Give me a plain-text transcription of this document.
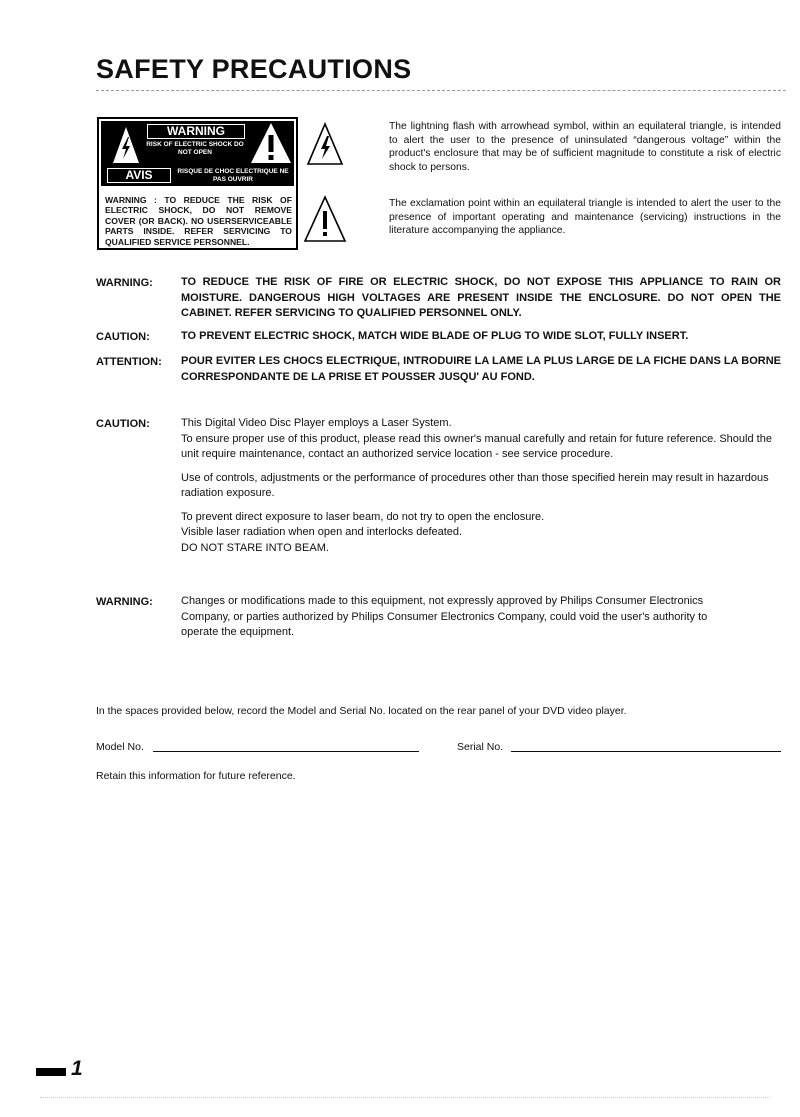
SAFETY PRECAUTIONS
WARNING
RISK OF ELECTRIC SHOCK DO NOT OPEN
AVIS	RISQUE DE CHOC ELECTRIQUE NE PAS OUVRIR
WARNING : TO REDUCE THE RISK OF ELECTRIC SHOCK, DO NOT REMOVE COVER (OR BACK). NO USERSERVICEABLE PARTS INSIDE. REFER SERVICING TO QUALIFIED SERVICE PERSONNEL.
The lightning flash with arrowhead symbol, within an equilateral triangle, is intended to alert the user to the presence of uninsulated “dangerous voltage” within the product's enclosure that may be of sufficient magnitude to constitute a risk of electric shock to persons.
The exclamation point within an equilateral triangle is intended to alert the user to the presence of important operating and maintenance (servicing) instructions in the literature accompanying the appliance.
WARNING:	TO REDUCE THE RISK OF FIRE OR ELECTRIC SHOCK, DO NOT EXPOSE THIS APPLIANCE TO RAIN OR MOISTURE. DANGEROUS HIGH VOLTAGES ARE PRESENT INSIDE THE ENCLOSURE. DO NOT OPEN THE CABINET. REFER SERVICING TO QUALIFIED PERSONNEL ONLY.
CAUTION:	TO PREVENT ELECTRIC SHOCK, MATCH WIDE BLADE OF PLUG TO WIDE SLOT, FULLY INSERT.
ATTENTION: POUR EVITER LES CHOCS ELECTRIQUE, INTRODUIRE LA LAME LA PLUS LARGE DE LA FICHE DANS LA BORNE CORRESPONDANTE DE LA PRISE ET POUSSER JUSQU' AU FOND.
CAUTION:	This Digital Video Disc Player employs a Laser System.
To ensure proper use of this product, please read this owner's manual carefully and retain for future reference. Should the unit require maintenance, contact an authorized service location - see service procedure.
Use of controls, adjustments or the performance of procedures other than those specified herein may result in hazardous radiation exposure.
To prevent direct exposure to laser beam, do not try to open the enclosure.
Visible laser radiation when open and interlocks defeated.
DO NOT STARE INTO BEAM.
WARNING:	Changes or modifications made to this equipment, not expressly approved by Philips Consumer Electronics Company, or parties authorized by Philips Consumer Electronics Company, could void the user's authority to operate the equipment.
In the spaces provided below, record the Model and Serial No. located on the rear panel of your DVD video player.
Model No.	Serial No.
Retain this information for future reference.
1
